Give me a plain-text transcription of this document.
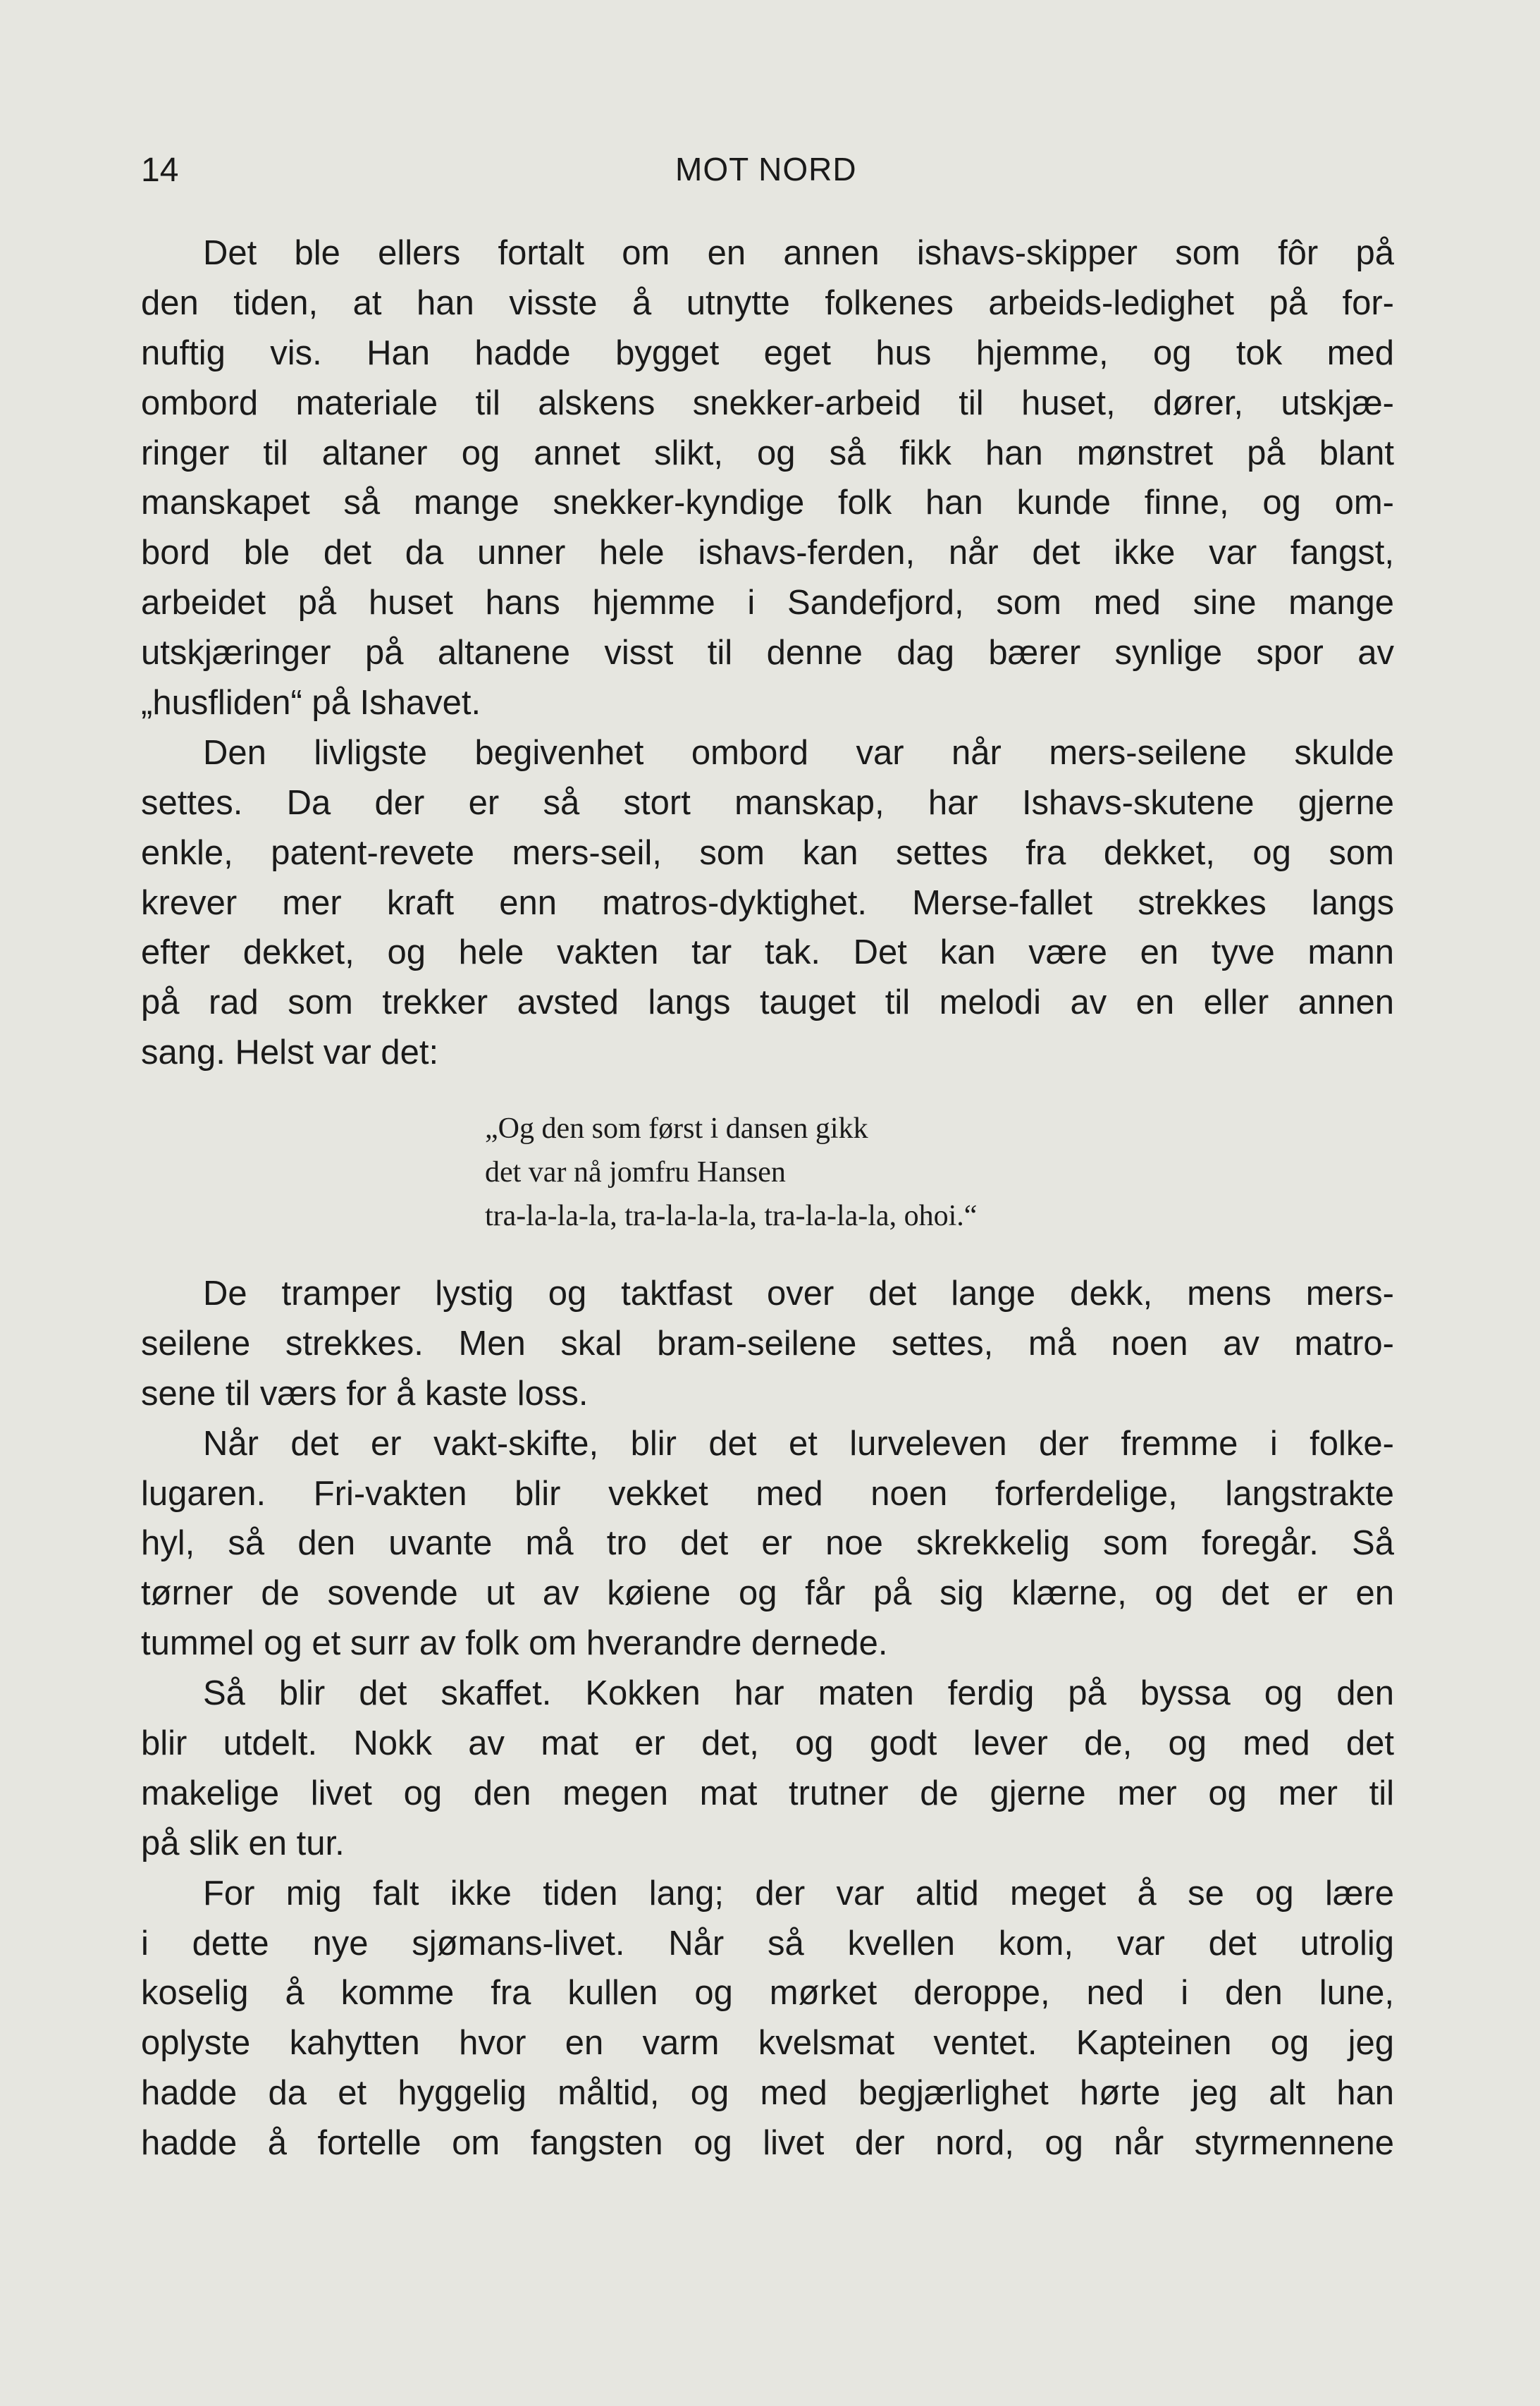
14	MOT NORD

Det ble ellers fortalt om en annen ishavs-skipper som fôr på
den tiden, at han visste å utnytte folkenes arbeids-ledighet på for-
nuftig vis. Han hadde bygget eget hus hjemme, og tok med
ombord materiale til alskens snekker-arbeid til huset, dører, utskjæ-
ringer til altaner og annet slikt, og så fikk han mønstret på blant
manskapet så mange snekker-kyndige folk han kunde finne, og om-
bord ble det da unner hele ishavs-ferden, når det ikke var fangst,
arbeidet på huset hans hjemme i Sandefjord, som med sine mange
utskjæringer på altanene visst til denne dag bærer synlige spor av
„husfliden“ på Ishavet.
Den livligste begivenhet ombord var når mers-seilene skulde
settes. Da der er så stort manskap, har Ishavs-skutene gjerne
enkle, patent-revete mers-seil, som kan settes fra dekket, og som
krever mer kraft enn matros-dyktighet. Merse-fallet strekkes langs
efter dekket, og hele vakten tar tak. Det kan være en tyve mann
på rad som trekker avsted langs tauget til melodi av en eller annen
sang. Helst var det:
„Og den som først i dansen gikk
det var nå jomfru Hansen
tra-la-la-la, tra-la-la-la, tra-la-la-la, ohoi.“
De tramper lystig og taktfast over det lange dekk, mens mers-
seilene strekkes. Men skal bram-seilene settes, må noen av matro-
sene til værs for å kaste loss.
Når det er vakt-skifte, blir det et lurveleven der fremme i folke-
lugaren. Fri-vakten blir vekket med noen forferdelige, langstrakte
hyl, så den uvante må tro det er noe skrekkelig som foregår. Så
tørner de sovende ut av køiene og får på sig klærne, og det er en
tummel og et surr av folk om hverandre dernede.
Så blir det skaffet. Kokken har maten ferdig på byssa og den
blir utdelt. Nokk av mat er det, og godt lever de, og med det
makelige livet og den megen mat trutner de gjerne mer og mer til
på slik en tur.
For mig falt ikke tiden lang; der var altid meget å se og lære
i dette nye sjømans-livet. Når så kvellen kom, var det utrolig
koselig å komme fra kullen og mørket deroppe, ned i den lune,
oplyste kahytten hvor en varm kvelsmat ventet. Kapteinen og jeg
hadde da et hyggelig måltid, og med begjærlighet hørte jeg alt han
hadde å fortelle om fangsten og livet der nord, og når styrmennene
